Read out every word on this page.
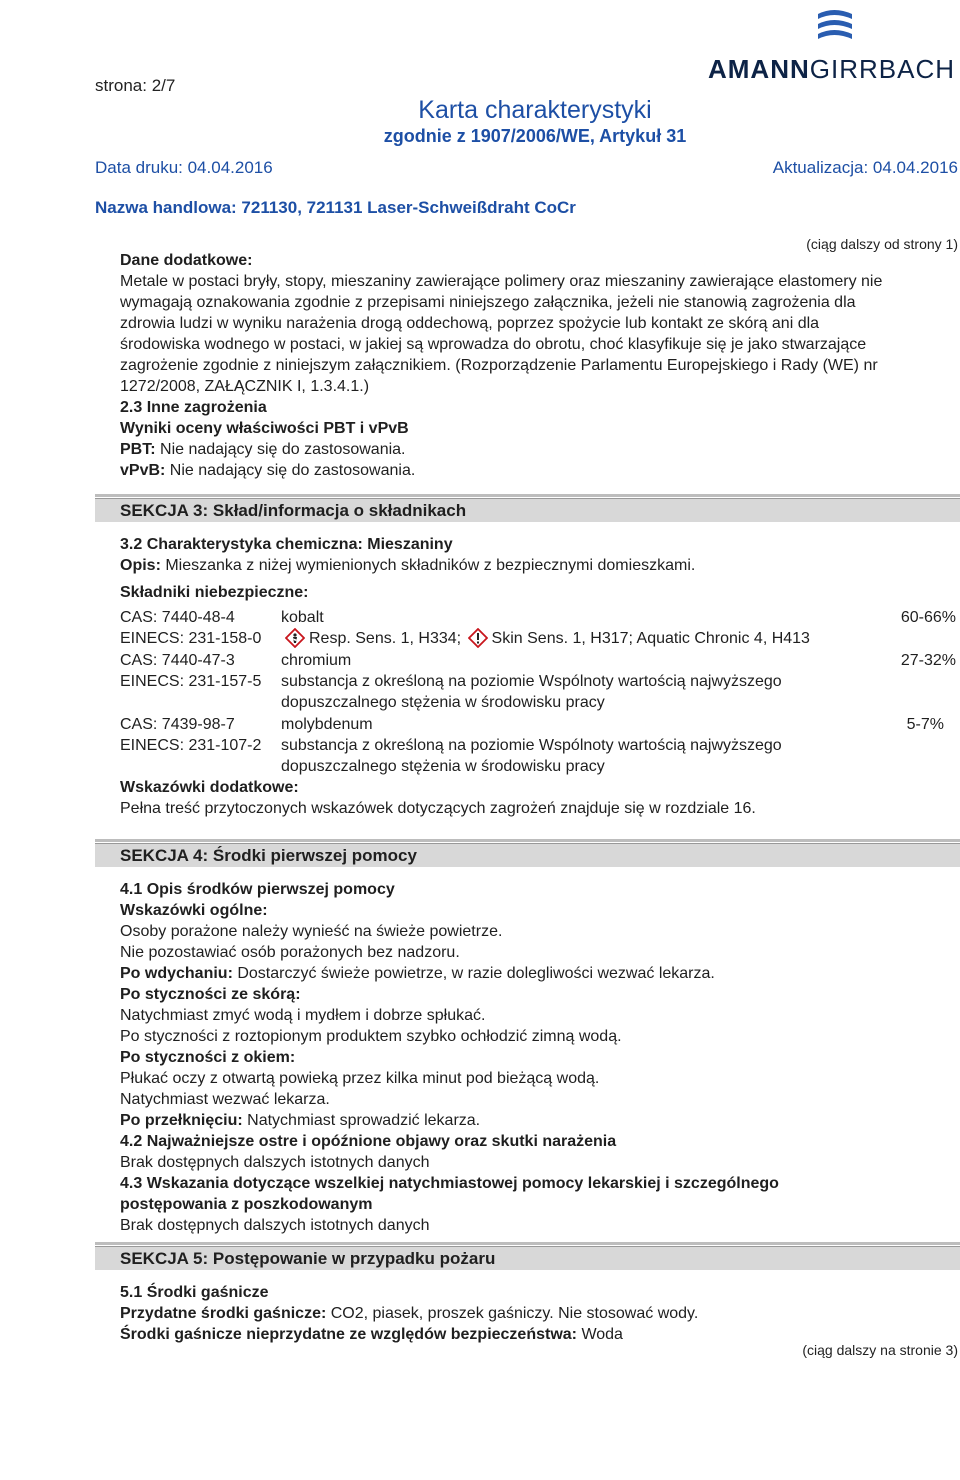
strona: 2/7
AMANNGIRRBACH
Karta charakterystyki
zgodnie z 1907/2006/WE, Artykuł 31
Data druku: 04.04.2016	Aktualizacja: 04.04.2016
Nazwa handlowa: 721130, 721131 Laser-Schweißdraht CoCr
(ciąg dalszy od strony 1)
Dane dodatkowe:
Metale w postaci bryły, stopy, mieszaniny zawierające polimery oraz mieszaniny zawierające elastomery nie
wymagają oznakowania zgodnie z przepisami niniejszego załącznika, jeżeli nie stanowią zagrożenia dla
zdrowia ludzi w wyniku narażenia drogą oddechową, poprzez spożycie lub kontakt ze skórą ani dla
środowiska wodnego w postaci, w jakiej są wprowadza do obrotu, choć klasyfikuje się je jako stwarzające
zagrożenie zgodnie z niniejszym załącznikiem. (Rozporządzenie Parlamentu Europejskiego i Rady (WE) nr
1272/2008, ZAŁĄCZNIK I, 1.3.4.1.)
2.3 Inne zagrożenia
Wyniki oceny właściwości PBT i vPvB
PBT: Nie nadający się do zastosowania.
vPvB: Nie nadający się do zastosowania.
SEKCJA 3: Skład/informacja o składnikach
3.2 Charakterystyka chemiczna: Mieszaniny
Opis: Mieszanka z niżej wymienionych składników z bezpiecznymi domieszkami.
Składniki niebezpieczne:
CAS: 7440-48-4	kobalt	60-66%
EINECS: 231-158-0	Resp. Sens. 1, H334; Skin Sens. 1, H317; Aquatic Chronic 4, H413
CAS: 7440-47-3	chromium	27-32%
EINECS: 231-157-5 substancja z określoną na poziomie Wspólnoty wartością najwyższego
dopuszczalnego stężenia w środowisku pracy
CAS: 7439-98-7	molybdenum	5-7%
EINECS: 231-107-2 substancja z określoną na poziomie Wspólnoty wartością najwyższego
dopuszczalnego stężenia w środowisku pracy
Wskazówki dodatkowe:
Pełna treść przytoczonych wskazówek dotyczących zagrożeń znajduje się w rozdziale 16.
SEKCJA 4: Środki pierwszej pomocy
4.1 Opis środków pierwszej pomocy
Wskazówki ogólne:
Osoby porażone należy wynieść na świeże powietrze.
Nie pozostawiać osób porażonych bez nadzoru.
Po wdychaniu: Dostarczyć świeże powietrze, w razie dolegliwości wezwać lekarza.
Po styczności ze skórą:
Natychmiast zmyć wodą i mydłem i dobrze spłukać.
Po styczności z roztopionym produktem szybko ochłodzić zimną wodą.
Po styczności z okiem:
Płukać oczy z otwartą powieką przez kilka minut pod bieżącą wodą.
Natychmiast wezwać lekarza.
Po przełknięciu: Natychmiast sprowadzić lekarza.
4.2 Najważniejsze ostre i opóźnione objawy oraz skutki narażenia
Brak dostępnych dalszych istotnych danych
4.3 Wskazania dotyczące wszelkiej natychmiastowej pomocy lekarskiej i szczególnego
postępowania z poszkodowanym
Brak dostępnych dalszych istotnych danych
SEKCJA 5: Postępowanie w przypadku pożaru
5.1 Środki gaśnicze
Przydatne środki gaśnicze: CO2, piasek, proszek gaśniczy. Nie stosować wody.
Środki gaśnicze nieprzydatne ze względów bezpieczeństwa: Woda
(ciąg dalszy na stronie 3)
